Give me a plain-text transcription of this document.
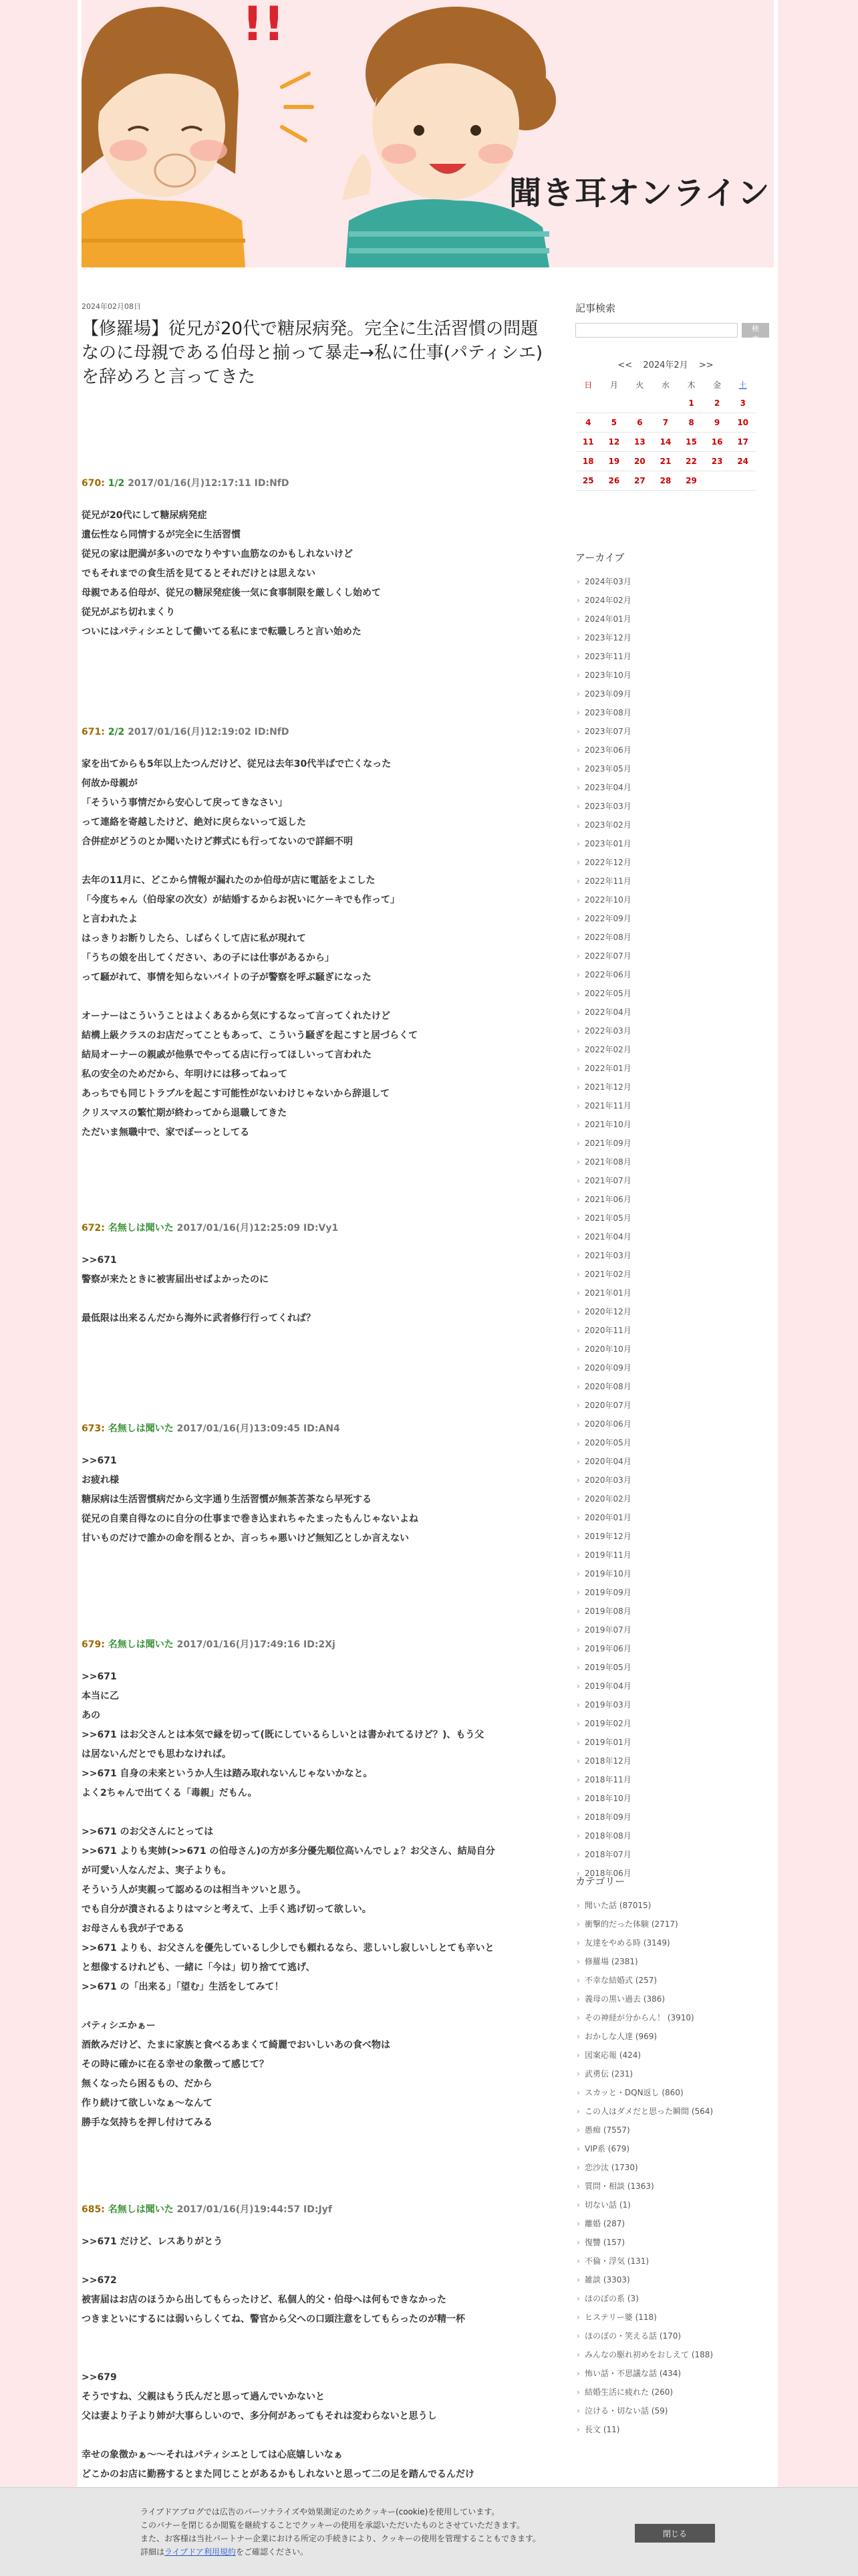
!!
聞き耳オンライン
2024年02月08日
【修羅場】従兄が20代で糖尿病発。完全に生活習慣の問題なのに母親である伯母と揃って暴走→私に仕事(パティシエ)を辞めろと言ってきた
670: 1/2 2017/01/16(月)12:17:11 ID:NfD
従兄が20代にして糖尿病発症
遺伝性なら同情するが完全に生活習慣
従兄の家は肥満が多いのでなりやすい血筋なのかもしれないけど
でもそれまでの食生活を見てるとそれだけとは思えない
母親である伯母が、従兄の糖尿発症後一気に食事制限を厳しくし始めて
従兄がぶち切れまくり
ついにはパティシエとして働いてる私にまで転職しろと言い始めた
671: 2/2 2017/01/16(月)12:19:02 ID:NfD
家を出てからも5年以上たつんだけど、従兄は去年30代半ばで亡くなった
何故か母親が
「そういう事情だから安心して戻ってきなさい」
って連絡を寄越したけど、絶対に戻らないって返した
合併症がどうのとか聞いたけど葬式にも行ってないので詳細不明
去年の11月に、どこから情報が漏れたのか伯母が店に電話をよこした
「今度ちゃん（伯母家の次女）が結婚するからお祝いにケーキでも作って」
と言われたよ
はっきりお断りしたら、しばらくして店に私が現れて
「うちの娘を出してください、あの子には仕事があるから」
って騒がれて、事情を知らないバイトの子が警察を呼ぶ騒ぎになった
オーナーはこういうことはよくあるから気にするなって言ってくれたけど
結構上級クラスのお店だってこともあって、こういう騒ぎを起こすと居づらくて
結局オーナーの親戚が他県でやってる店に行ってほしいって言われた
私の安全のためだから、年明けには移ってねって
あっちでも同じトラブルを起こす可能性がないわけじゃないから辞退して
クリスマスの繁忙期が終わってから退職してきた
ただいま無職中で、家でぼーっとしてる
672: 名無しは聞いた 2017/01/16(月)12:25:09 ID:Vy1
>>671
警察が来たときに被害届出せばよかったのに
最低限は出来るんだから海外に武者修行行ってくれば？
673: 名無しは聞いた 2017/01/16(月)13:09:45 ID:AN4
>>671
お疲れ様
糖尿病は生活習慣病だから文字通り生活習慣が無茶苦茶なら早死する
従兄の自業自得なのに自分の仕事まで巻き込まれちゃたまったもんじゃないよね
甘いものだけで誰かの命を削るとか、言っちゃ悪いけど無知乙としか言えない
679: 名無しは聞いた 2017/01/16(月)17:49:16 ID:2Xj
>>671
本当に乙
あの
>>671 はお父さんとは本気で縁を切って(既にしているらしいとは書かれてるけど？)、もう父
は居ないんだとでも思わなければ。
>>671 自身の未来というか人生は踏み取れないんじゃないかなと。
よく2ちゃんで出てくる「毒親」だもん。
>>671 のお父さんにとっては
>>671 よりも実姉(>>671 の伯母さん)の方が多分優先順位高いんでしょ？お父さん、結局自分
が可愛い人なんだよ、実子よりも。
そういう人が実親って認めるのは相当キツいと思う。
でも自分が潰されるよりはマシと考えて、上手く逃げ切って欲しい。
お母さんも我が子である
>>671 よりも、お父さんを優先しているし少しでも頼れるなら、悲しいし寂しいしとても辛いと
と想像するけれども、一緒に「今は」切り捨てて逃げ、
>>671 の「出来る」「望む」生活をしてみて！
パティシエかぁー
酒飲みだけど、たまに家族と食べるあまくて綺麗でおいしいあの食べ物は
その時に確かに在る幸せの象徴って感じて？
無くなったら困るもの、だから
作り続けて欲しいなぁ～なんて
勝手な気持ちを押し付けてみる
685: 名無しは聞いた 2017/01/16(月)19:44:57 ID:Jyf
>>671 だけど、レスありがとう
>>672
被害届はお店のほうから出してもらったけど、私個人的父・伯母へは何もできなかった
つきまといにするには弱いらしくてね、警官から父への口頭注意をしてもらったのが精一杯
>>679
そうですね、父親はもう氏んだと思って過んでいかないと
父は妻より子より姉が大事らしいので、多分何があってもそれは変わらないと思うし
幸せの象徴かぁ～～それはパティシエとしては心底嬉しいなぁ
どこかのお店に勤務するとまた同じことがあるかもしれないと思って二の足を踏んでるんだけ
記事検索
検索
<< 2024年2月 >>
日	月	火	水	木	金	土
				1	2	3
4	5	6	7	8	9	10
11	12	13	14	15	16	17
18	19	20	21	22	23	24
25	26	27	28	29		
アーカイブ
› 2024年03月
› 2024年02月
› 2024年01月
› 2023年12月
› 2023年11月
› 2023年10月
› 2023年09月
› 2023年08月
› 2023年07月
› 2023年06月
› 2023年05月
› 2023年04月
› 2023年03月
› 2023年02月
› 2023年01月
› 2022年12月
› 2022年11月
› 2022年10月
› 2022年09月
› 2022年08月
› 2022年07月
› 2022年06月
› 2022年05月
› 2022年04月
› 2022年03月
› 2022年02月
› 2022年01月
› 2021年12月
› 2021年11月
› 2021年10月
› 2021年09月
› 2021年08月
› 2021年07月
› 2021年06月
› 2021年05月
› 2021年04月
› 2021年03月
› 2021年02月
› 2021年01月
› 2020年12月
› 2020年11月
› 2020年10月
› 2020年09月
› 2020年08月
› 2020年07月
› 2020年06月
› 2020年05月
› 2020年04月
› 2020年03月
› 2020年02月
› 2020年01月
› 2019年12月
› 2019年11月
› 2019年10月
› 2019年09月
› 2019年08月
› 2019年07月
› 2019年06月
› 2019年05月
› 2019年04月
› 2019年03月
› 2019年02月
› 2019年01月
› 2018年12月
› 2018年11月
› 2018年10月
› 2018年09月
› 2018年08月
› 2018年07月
› 2018年06月
カテゴリー
› 聞いた話 (87015)
› 衝撃的だった体験 (2717)
› 友達をやめる時 (3149)
› 修羅場 (2381)
› 不幸な結婚式 (257)
› 義母の黒い過去 (386)
› その神経が分からん！ (3910)
› おかしな人達 (969)
› 図案応報 (424)
› 武勇伝 (231)
› スカッと・DQN返し (860)
› この人はダメだと思った瞬間 (564)
› 愚痴 (7557)
› VIP系 (679)
› 恋沙汰 (1730)
› 質問・相談 (1363)
› 切ない話 (1)
› 離婚 (287)
› 復讐 (157)
› 不倫・浮気 (131)
› 雑談 (3303)
› ほのぼの系 (3)
› ヒステリー婆 (118)
› ほのぼの・笑える話 (170)
› みんなの駆れ初めをおしえて (188)
› 怖い話・不思議な話 (434)
› 結婚生活に疲れた (260)
› 泣ける・切ない話 (59)
› 長文 (11)
ライブドアブログでは広告のパーソナライズや効果測定のためクッキー(cookie)を使用しています。
このバナーを閉じるか閲覧を継続することでクッキーの使用を承認いただいたものとさせていただきます。
また、お客様は当社パートナー企業における所定の手続きにより、クッキーの使用を管理することもできます。
詳細はライブドア利用規約をご確認ください。
閉じる
